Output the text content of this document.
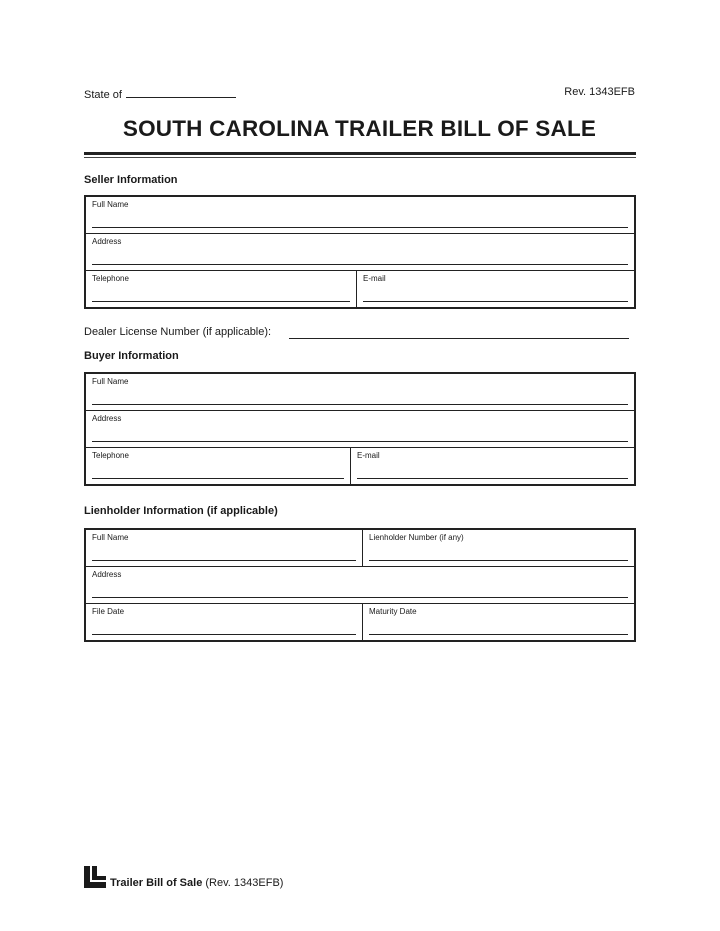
State of	Rev. 1343EFB
SOUTH CAROLINA TRAILER BILL OF SALE
Seller Information
Full Name
Address
Telephone	E-mail
Dealer License Number (if applicable):
Buyer Information
Full Name
Address
Telephone	E-mail
Lienholder Information (if applicable)
Full Name	Lienholder Number (if any)
Address
File Date	Maturity Date
Trailer Bill of Sale (Rev. 1343EFB)
